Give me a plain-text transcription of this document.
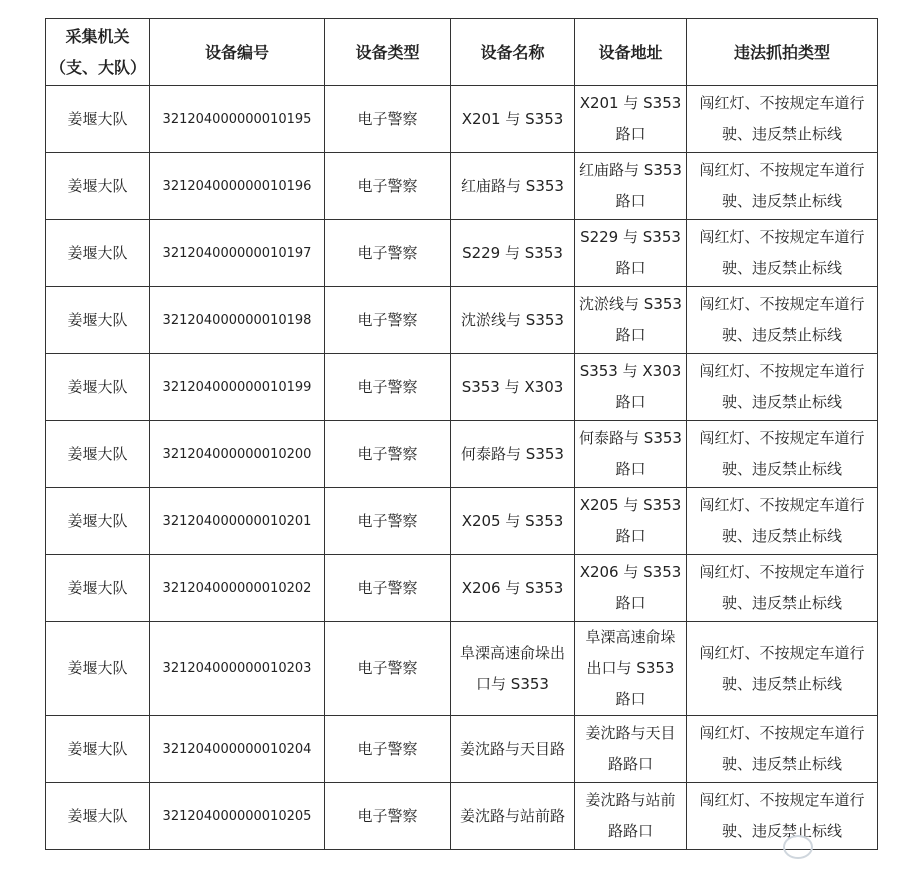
采集机关（支、大队）	设备编号	设备类型	设备名称	设备地址	违法抓拍类型
姜堰大队	321204000000010195	电子警察	X201 与 S353	X201 与 S353 路口	闯红灯、不按规定车道行驶、违反禁止标线
姜堰大队	321204000000010196	电子警察	红庙路与 S353	红庙路与 S353 路口	闯红灯、不按规定车道行驶、违反禁止标线
姜堰大队	321204000000010197	电子警察	S229 与 S353	S229 与 S353 路口	闯红灯、不按规定车道行驶、违反禁止标线
姜堰大队	321204000000010198	电子警察	沈淤线与 S353	沈淤线与 S353 路口	闯红灯、不按规定车道行驶、违反禁止标线
姜堰大队	321204000000010199	电子警察	S353 与 X303	S353 与 X303 路口	闯红灯、不按规定车道行驶、违反禁止标线
姜堰大队	321204000000010200	电子警察	何泰路与 S353	何泰路与 S353 路口	闯红灯、不按规定车道行驶、违反禁止标线
姜堰大队	321204000000010201	电子警察	X205 与 S353	X205 与 S353 路口	闯红灯、不按规定车道行驶、违反禁止标线
姜堰大队	321204000000010202	电子警察	X206 与 S353	X206 与 S353 路口	闯红灯、不按规定车道行驶、违反禁止标线
姜堰大队	321204000000010203	电子警察	阜溧高速俞垛出口与 S353	阜溧高速俞垛出口与 S353 路口	闯红灯、不按规定车道行驶、违反禁止标线
姜堰大队	321204000000010204	电子警察	姜沈路与天目路	姜沈路与天目路路口	闯红灯、不按规定车道行驶、违反禁止标线
姜堰大队	321204000000010205	电子警察	姜沈路与站前路	姜沈路与站前路路口	闯红灯、不按规定车道行驶、违反禁止标线
